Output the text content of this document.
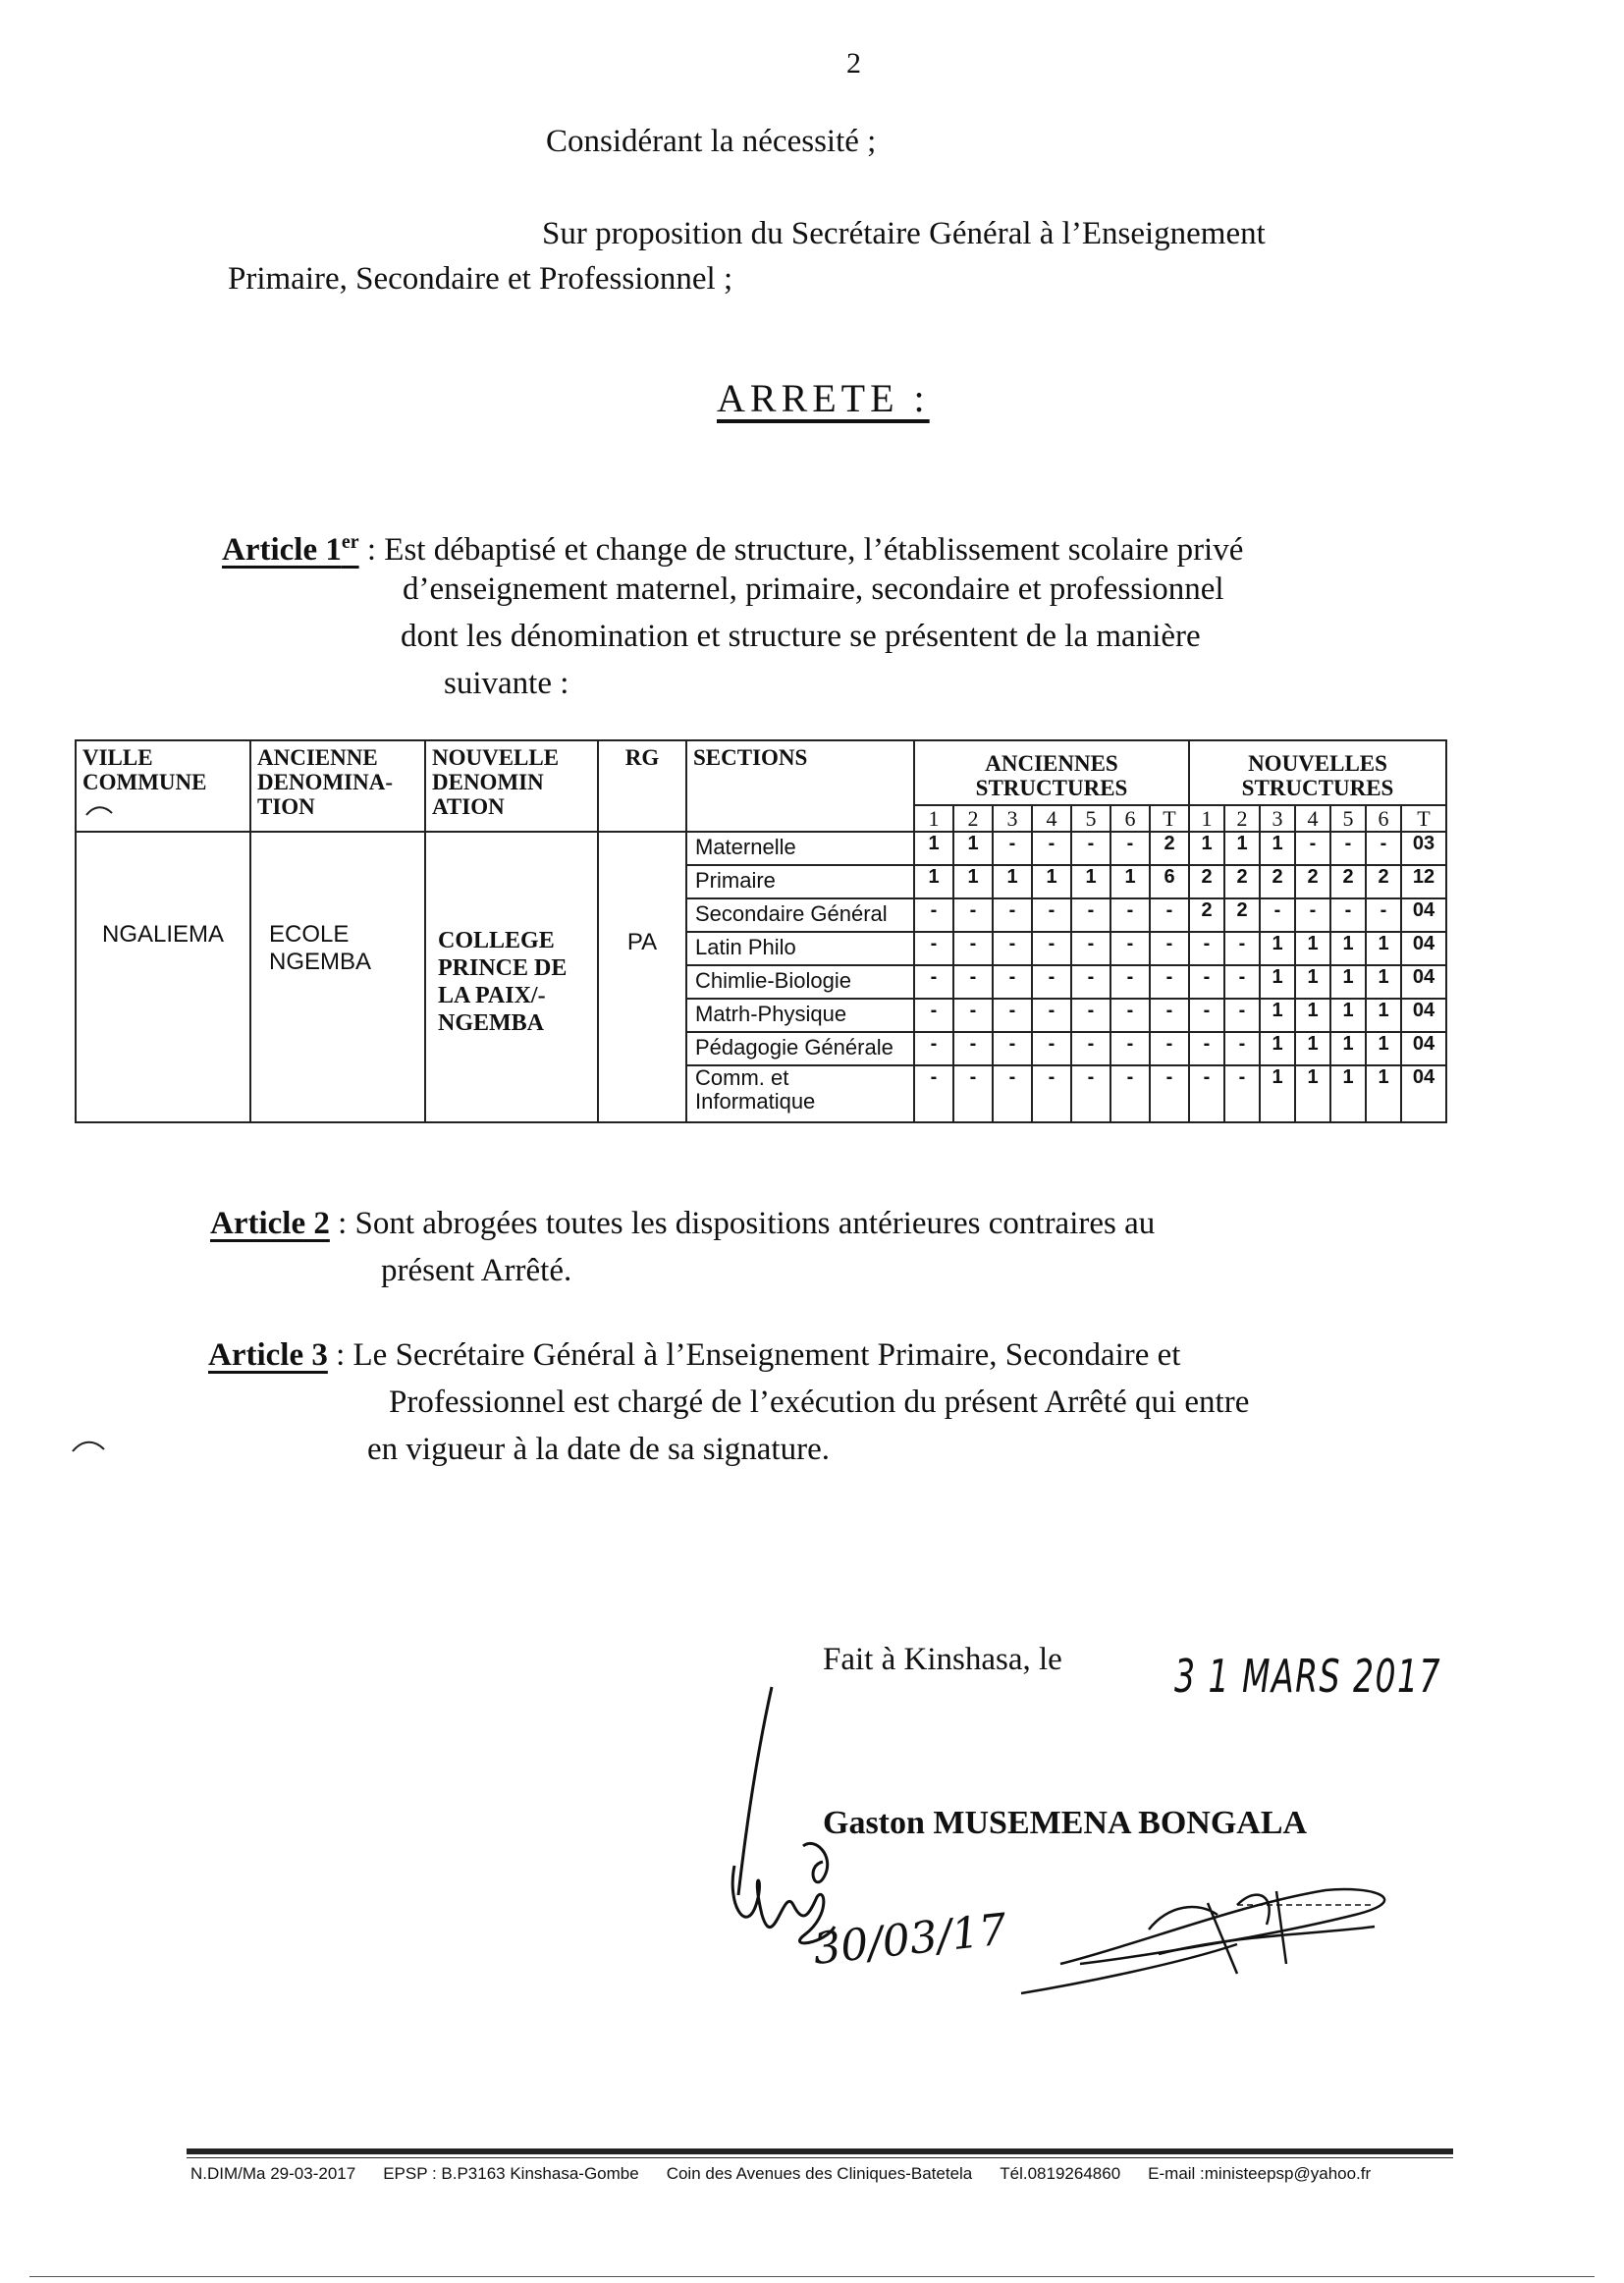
2
Considérant la nécessité ;
Sur proposition du Secrétaire Général à l’Enseignement
Primaire, Secondaire et Professionnel ;
ARRETE :
Article 1er : Est débaptisé et change de structure, l’établissement scolaire privé
d’enseignement maternel, primaire, secondaire et professionnel
dont les dénomination et structure se présentent de la manière
suivante :
VILLE COMMUNE	ANCIENNE DENOMINA-TION	NOUVELLE DENOMIN ATION	RG	SECTIONS	ANCIENNES STRUCTURES							NOUVELLES STRUCTURES						
					1	2	3	4	5	6	T	1	2	3	4	5	6	T
NGALIEMA	ECOLE NGEMBA	COLLEGE PRINCE DE LA PAIX/- NGEMBA	PA	Maternelle	1	1	-	-	-	-	2	1	1	1	-	-	-	03
				Primaire	1	1	1	1	1	1	6	2	2	2	2	2	2	12
				Secondaire Général	-	-	-	-	-	-	-	2	2	-	-	-	-	04
				Latin Philo	-	-	-	-	-	-	-	-	-	1	1	1	1	04
				Chimlie-Biologie	-	-	-	-	-	-	-	-	-	1	1	1	1	04
				Matrh-Physique	-	-	-	-	-	-	-	-	-	1	1	1	1	04
				Pédagogie Générale	-	-	-	-	-	-	-	-	-	1	1	1	1	04
				Comm. et Informatique	-	-	-	-	-	-	-	-	-	1	1	1	1	04
Article 2 : Sont abrogées toutes les dispositions antérieures contraires au
présent Arrêté.
Article 3 : Le Secrétaire Général à l’Enseignement Primaire, Secondaire et
Professionnel est chargé de l’exécution du présent Arrêté qui entre
en vigueur à la date de sa signature.
Fait à Kinshasa, le 3 1 MARS 2017
Gaston MUSEMENA BONGALA
30/03/17
N.DIM/Ma 29-03-2017 EPSP : B.P3163 Kinshasa-Gombe Coin des Avenues des Cliniques-Batetela Tél.0819264860 E-mail :ministeepsp@yahoo.fr
